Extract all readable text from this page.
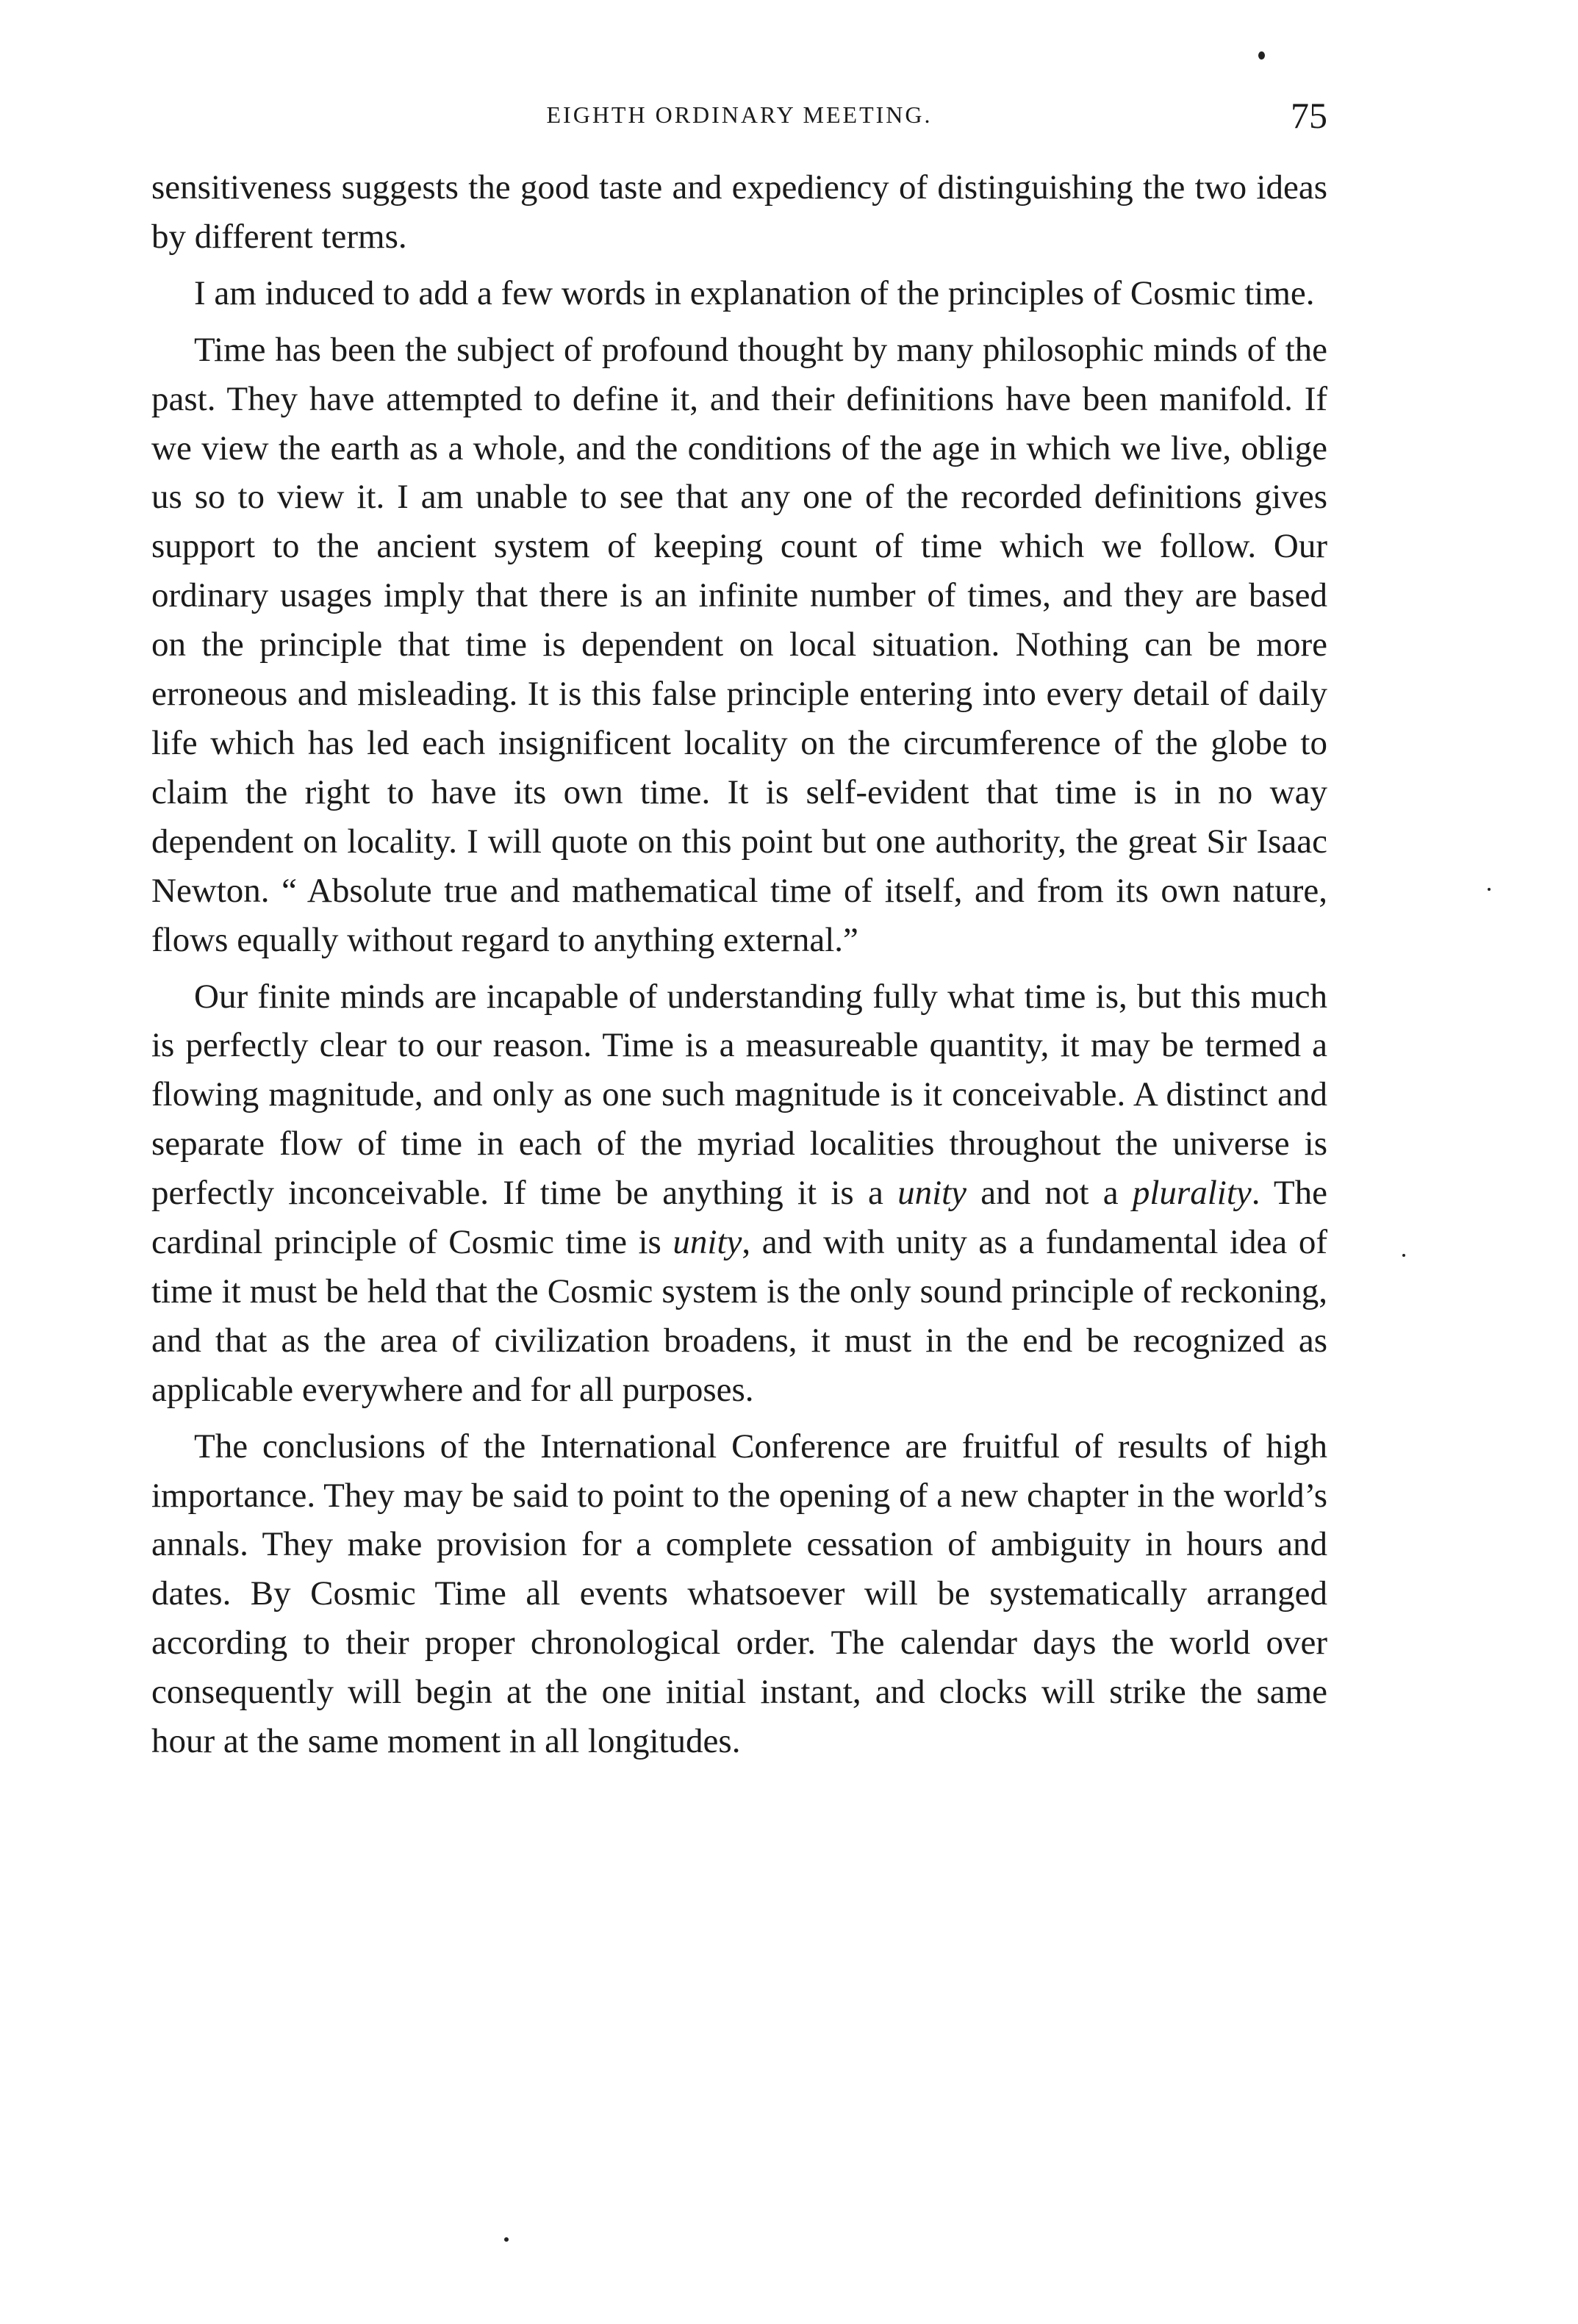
EIGHTH ORDINARY MEETING.	75

sensitiveness suggests the good taste and expediency of distinguishing the two ideas by different terms.

I am induced to add a few words in explanation of the principles of Cosmic time.

Time has been the subject of profound thought by many philosophic minds of the past. They have attempted to define it, and their definitions have been manifold. If we view the earth as a whole, and the conditions of the age in which we live, oblige us so to view it. I am unable to see that any one of the recorded definitions gives support to the ancient system of keeping count of time which we follow. Our ordinary usages imply that there is an infinite number of times, and they are based on the principle that time is dependent on local situation. Nothing can be more erroneous and misleading. It is this false principle entering into every detail of daily life which has led each insignificent locality on the circumference of the globe to claim the right to have its own time. It is self-evident that time is in no way dependent on locality. I will quote on this point but one authority, the great Sir Isaac Newton. “ Absolute true and mathematical time of itself, and from its own nature, flows equally without regard to anything external.”

Our finite minds are incapable of understanding fully what time is, but this much is perfectly clear to our reason. Time is a measureable quantity, it may be termed a flowing magnitude, and only as one such magnitude is it conceivable. A distinct and separate flow of time in each of the myriad localities throughout the universe is perfectly inconceivable. If time be anything it is a unity and not a plurality. The cardinal principle of Cosmic time is unity, and with unity as a fundamental idea of time it must be held that the Cosmic system is the only sound principle of reckoning, and that as the area of civilization broadens, it must in the end be recognized as applicable everywhere and for all purposes.

The conclusions of the International Conference are fruitful of results of high importance. They may be said to point to the opening of a new chapter in the world’s annals. They make provision for a complete cessation of ambiguity in hours and dates. By Cosmic Time all events whatsoever will be systematically arranged according to their proper chronological order. The calendar days the world over consequently will begin at the one initial instant, and clocks will strike the same hour at the same moment in all longitudes.
